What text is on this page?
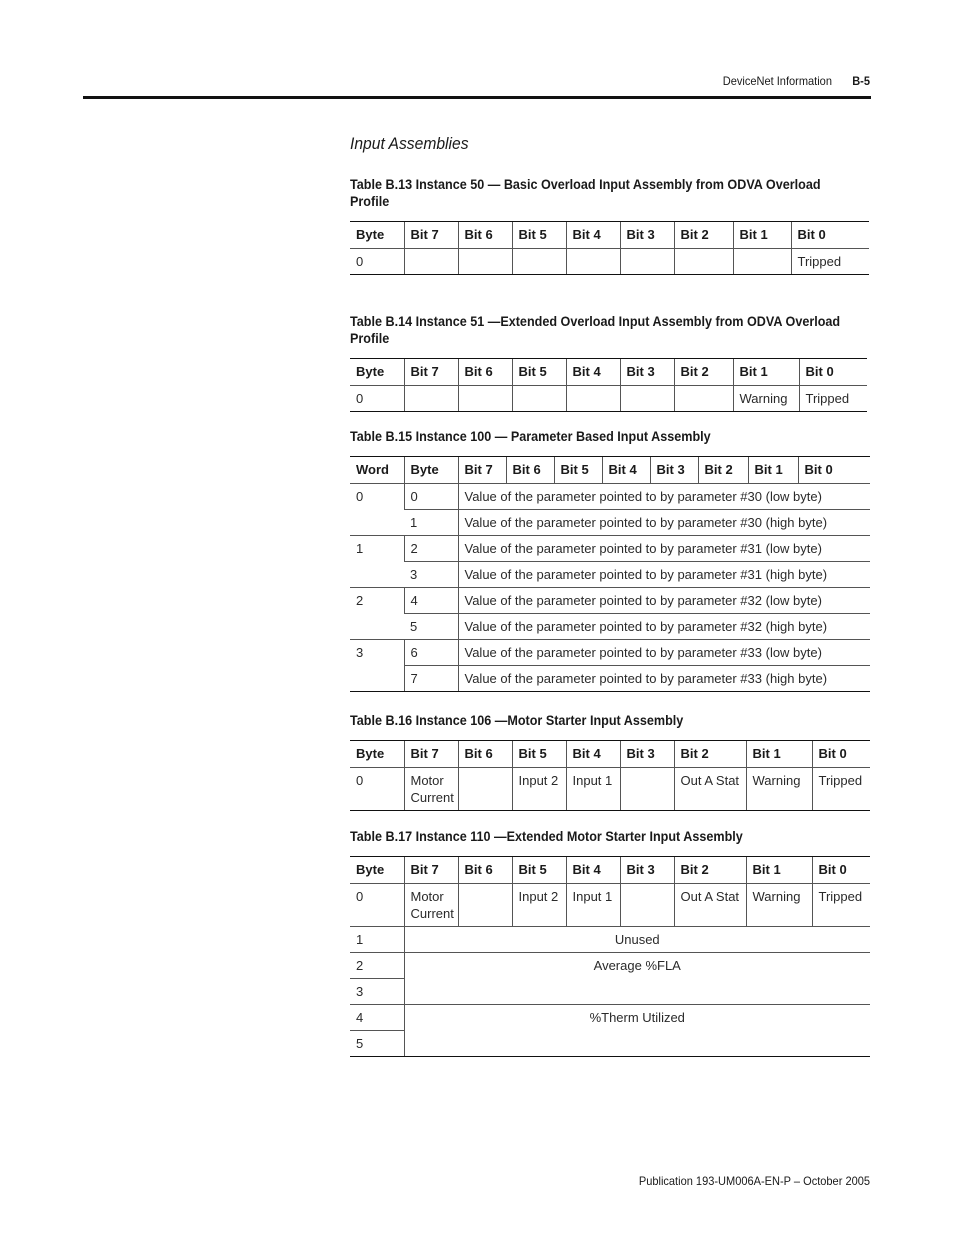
DeviceNet Information B-5
Input Assemblies
Table B.13 Instance 50 — Basic Overload Input Assembly from ODVA Overload
Profile
Byte	Bit 7	Bit 6	Bit 5	Bit 4	Bit 3	Bit 2	Bit 1	Bit 0
0								Tripped
Table B.14 Instance 51 —Extended Overload Input Assembly from ODVA Overload
Profile
Byte	Bit 7	Bit 6	Bit 5	Bit 4	Bit 3	Bit 2	Bit 1	Bit 0
0							Warning	Tripped
Table B.15 Instance 100 — Parameter Based Input Assembly
Word	Byte	Bit 7	Bit 6	Bit 5	Bit 4	Bit 3	Bit 2	Bit 1	Bit 0
0	0	Value of the parameter pointed to by parameter #30 (low byte)							
	1	Value of the parameter pointed to by parameter #30 (high byte)							
1	2	Value of the parameter pointed to by parameter #31 (low byte)							
	3	Value of the parameter pointed to by parameter #31 (high byte)							
2	4	Value of the parameter pointed to by parameter #32 (low byte)							
	5	Value of the parameter pointed to by parameter #32 (high byte)							
3	6	Value of the parameter pointed to by parameter #33 (low byte)							
	7	Value of the parameter pointed to by parameter #33 (high byte)							
Table B.16 Instance 106 —Motor Starter Input Assembly
Byte	Bit 7	Bit 6	Bit 5	Bit 4	Bit 3	Bit 2	Bit 1	Bit 0
0	Motor Current		Input 2	Input 1		Out A Stat	Warning	Tripped
Table B.17 Instance 110 —Extended Motor Starter Input Assembly
Byte	Bit 7	Bit 6	Bit 5	Bit 4	Bit 3	Bit 2	Bit 1	Bit 0
0	Motor Current		Input 2	Input 1		Out A Stat	Warning	Tripped
1	Unused							
2	Average %FLA							
3								
4	%Therm Utilized							
5								
Publication 193-UM006A-EN-P – October 2005
